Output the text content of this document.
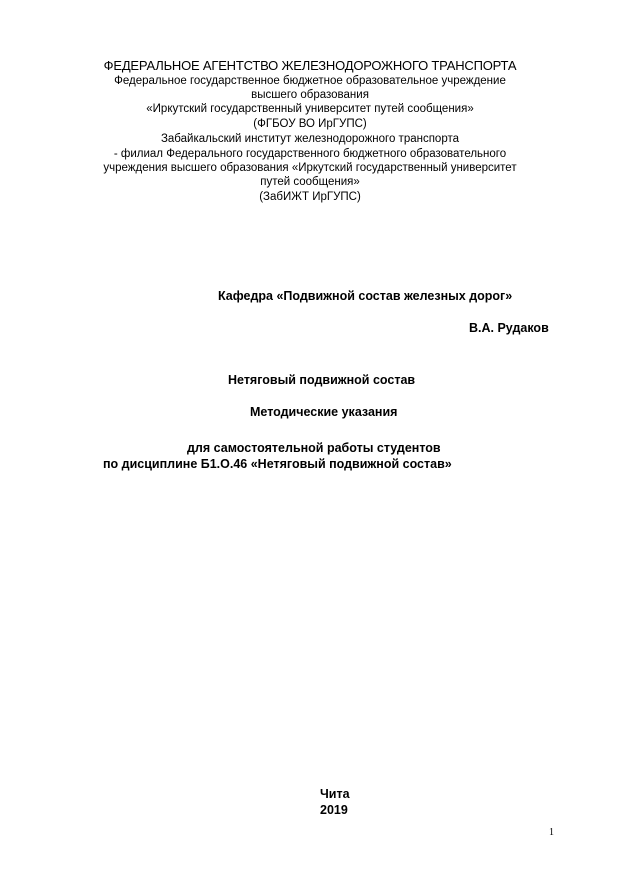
ФЕДЕРАЛЬНОЕ АГЕНТСТВО ЖЕЛЕЗНОДОРОЖНОГО ТРАНСПОРТА
Федеральное государственное бюджетное образовательное учреждение
высшего образования
«Иркутский государственный университет путей сообщения»
(ФГБОУ ВО ИрГУПС)
Забайкальский институт железнодорожного транспорта
- филиал Федерального государственного бюджетного образовательного
учреждения высшего образования «Иркутский государственный университет
путей сообщения»
(ЗабИЖТ ИрГУПС)
Кафедра «Подвижной состав железных дорог»
В.А. Рудаков
Нетяговый подвижной состав
Методические указания
для самостоятельной работы студентов
по дисциплине Б1.О.46 «Нетяговый подвижной состав»
Чита
2019
1
